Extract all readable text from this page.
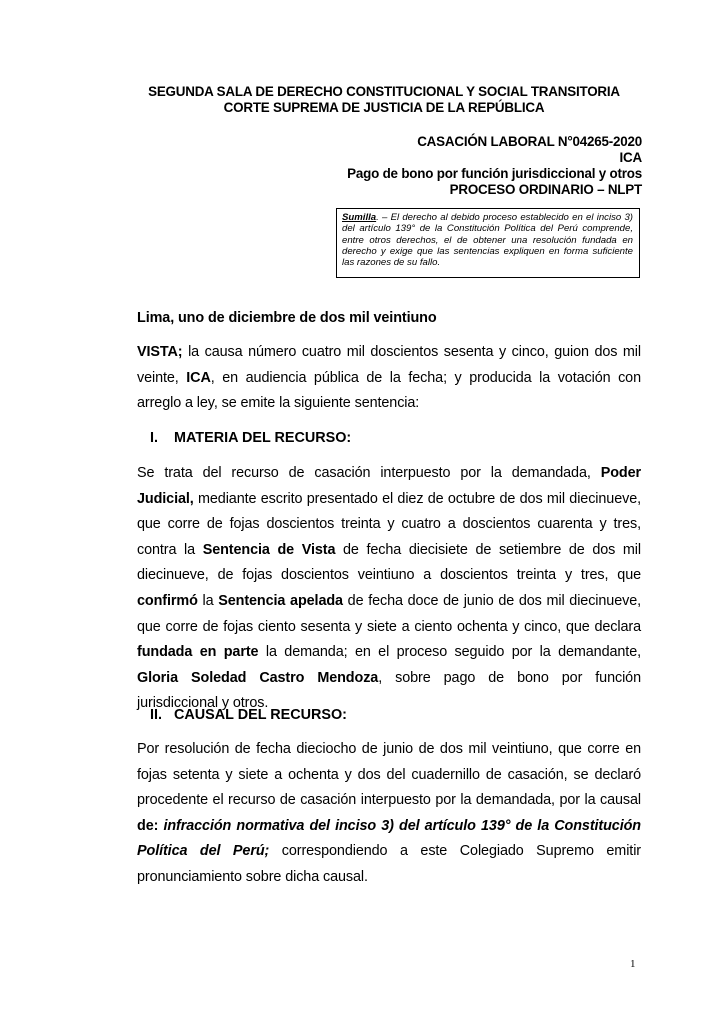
SEGUNDA SALA DE DERECHO CONSTITUCIONAL Y SOCIAL TRANSITORIA
CORTE SUPREMA DE JUSTICIA DE LA REPÚBLICA
CASACIÓN LABORAL N°04265-2020
ICA
Pago de bono por función jurisdiccional y otros
PROCESO ORDINARIO – NLPT
Sumilla. – El derecho al debido proceso establecido en el inciso 3) del artículo 139° de la Constitución Política del Perú comprende, entre otros derechos, el de obtener una resolución fundada en derecho y exige que las sentencias expliquen en forma suficiente las razones de su fallo.
Lima, uno de diciembre de dos mil veintiuno
VISTA; la causa número cuatro mil doscientos sesenta y cinco, guion dos mil veinte, ICA, en audiencia pública de la fecha; y producida la votación con arreglo a ley, se emite la siguiente sentencia:
I. MATERIA DEL RECURSO:
Se trata del recurso de casación interpuesto por la demandada, Poder Judicial, mediante escrito presentado el diez de octubre de dos mil diecinueve, que corre de fojas doscientos treinta y cuatro a doscientos cuarenta y tres, contra la Sentencia de Vista de fecha diecisiete de setiembre de dos mil diecinueve, de fojas doscientos veintiuno a doscientos treinta y tres, que confirmó la Sentencia apelada de fecha doce de junio de dos mil diecinueve, que corre de fojas ciento sesenta y siete a ciento ochenta y cinco, que declara fundada en parte la demanda; en el proceso seguido por la demandante, Gloria Soledad Castro Mendoza, sobre pago de bono por función jurisdiccional y otros.
II. CAUSAL DEL RECURSO:
Por resolución de fecha dieciocho de junio de dos mil veintiuno, que corre en fojas setenta y siete a ochenta y dos del cuadernillo de casación, se declaró procedente el recurso de casación interpuesto por la demandada, por la causal de: infracción normativa del inciso 3) del artículo 139° de la Constitución Política del Perú; correspondiendo a este Colegiado Supremo emitir pronunciamiento sobre dicha causal.
1
